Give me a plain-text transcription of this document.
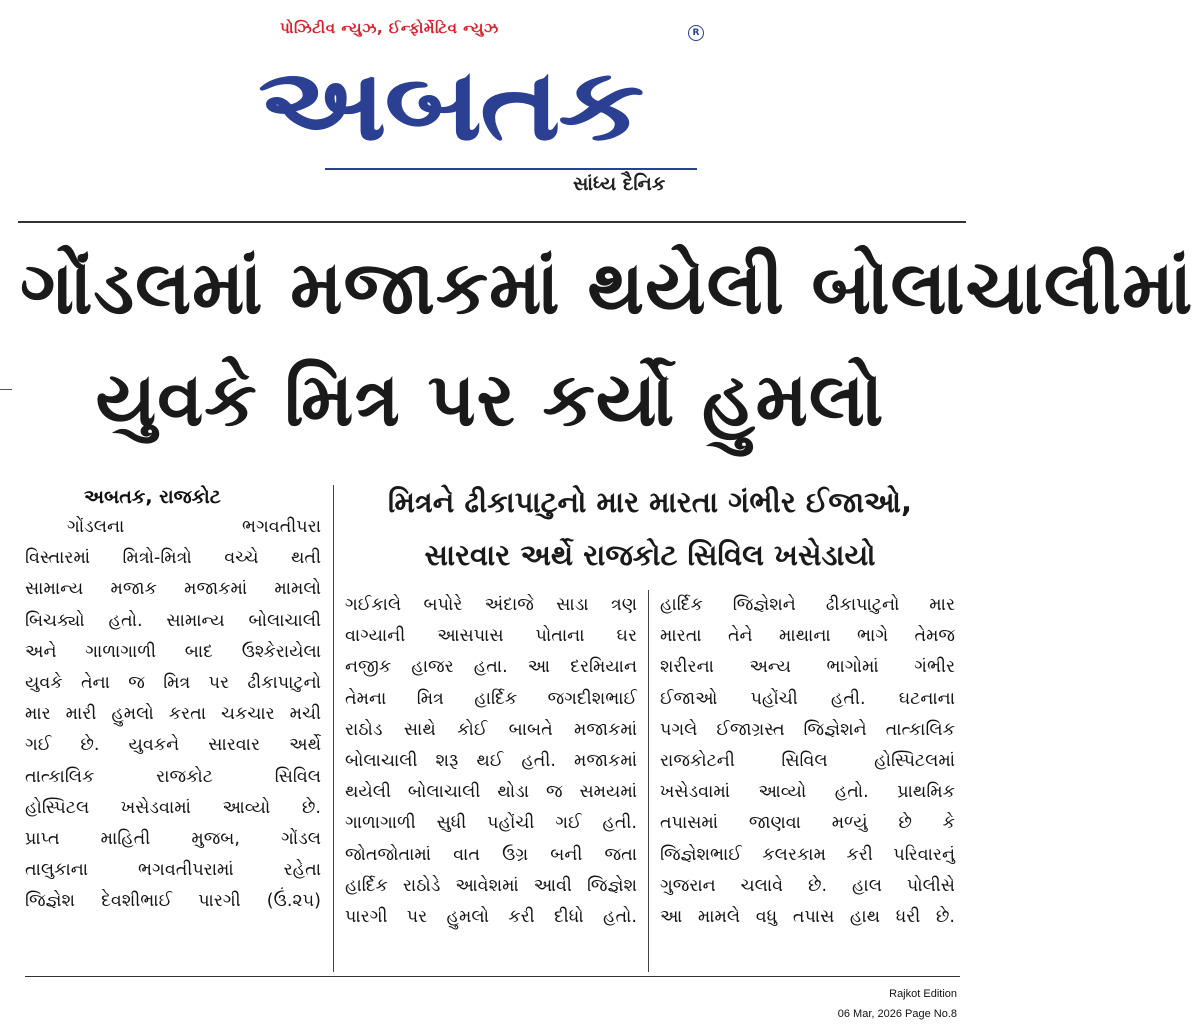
પોઝિટીવ ન્યુઝ, ઈન્ફોર્મેટિવ ન્યુઝ	R
અબતક
સાંધ્ય દૈનિક
ગોંડલમાં મજાકમાં થયેલી બોલાચાલીમાં
યુવકે મિત્ર પર કર્યો હુમલો
અબતક, રાજકોટ	મિત્રને ઢીકાપાટુનો માર મારતા ગંભીર ઈજાઓ,
સારવાર અર્થે રાજકોટ સિવિલ ખસેડાયો
ગોંડલના ભગવતીપરા
વિસ્તારમાં મિત્રો-મિત્રો વચ્ચે થતી
સામાન્ય મજાક મજાકમાં મામલો
બિચક્યો હતો. સામાન્ય બોલાચાલી
અને ગાળાગાળી બાદ ઉશ્કેરાયેલા
યુવકે તેના જ મિત્ર પર ઢીકાપાટુનો
માર મારી હુમલો કરતા ચકચાર મચી
ગઈ છે. યુવકને સારવાર અર્થે
તાત્કાલિક રાજકોટ સિવિલ
હોસ્પિટલ ખસેડવામાં આવ્યો છે.
પ્રાપ્ત માહિતી મુજબ, ગોંડલ
તાલુકાના ભગવતીપરામાં રહેતા
જિજ્ઞેશ દેવશીભાઈ પારગી (ઉં.૨૫)
ગઈકાલે બપોરે અંદાજે સાડા ત્રણ
વાગ્યાની આસપાસ પોતાના ઘર
નજીક હાજર હતા. આ દરમિયાન
તેમના મિત્ર હાર્દિક જગદીશભાઈ
રાઠોડ સાથે કોઈ બાબતે મજાકમાં
બોલાચાલી શરૂ થઈ હતી. મજાકમાં
થયેલી બોલાચાલી થોડા જ સમયમાં
ગાળાગાળી સુધી પહોંચી ગઈ હતી.
જોતજોતામાં વાત ઉગ્ર બની જતા
હાર્દિક રાઠોડે આવેશમાં આવી જિજ્ઞેશ
પારગી પર હુમલો કરી દીધો હતો.
હાર્દિક જિજ્ઞેશને ઢીકાપાટુનો માર
મારતા તેને માથાના ભાગે તેમજ
શરીરના અન્ય ભાગોમાં ગંભીર
ઈજાઓ પહોંચી હતી. ઘટનાના
પગલે ઈજાગ્રસ્ત જિજ્ઞેશને તાત્કાલિક
રાજકોટની સિવિલ હોસ્પિટલમાં
ખસેડવામાં આવ્યો હતો. પ્રાથમિક
તપાસમાં જાણવા મળ્યું છે કે
જિજ્ઞેશભાઈ કલરકામ કરી પરિવારનું
ગુજરાન ચલાવે છે. હાલ પોલીસે
આ મામલે વધુ તપાસ હાથ ધરી છે.
Rajkot Edition
06 Mar, 2026 Page No.8
